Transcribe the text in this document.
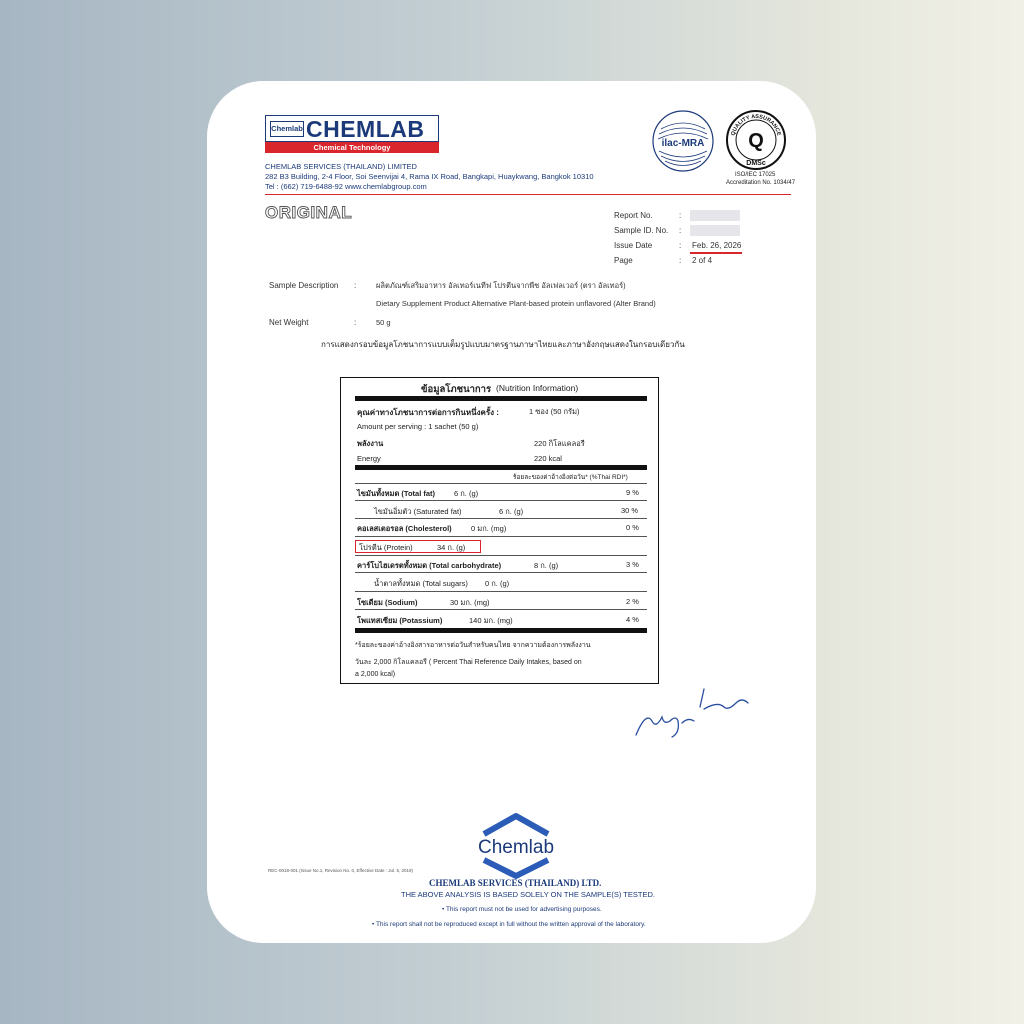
Chemlab CHEMLAB
Chemical Technology
CHEMLAB SERVICES (THAILAND) LIMITED
282 B3 Building, 2-4 Floor, Soi Seenvijai 4, Rama IX Road, Bangkapi, Huaykwang, Bangkok 10310
Tel : (662) 719-6488-92 www.chemlabgroup.com
ilac-MRA
QUALITY ASSURANCE
Q
DMSc
ISO/IEC 17025
Accreditation No. 1034/47
ORIGINAL	Report No.	:
Sample ID. No. :
Issue Date	: Feb. 26, 2026
Page	: 2 of 4
Sample Description :	ผลิตภัณฑ์เสริมอาหาร อัลเทอร์เนทีฟ โปรตีนจากพืช อัลเฟลเวอร์ (ตรา อัลเทอร์)
Dietary Supplement Product Alternative Plant-based protein unflavored (Alter Brand)
Net Weight	:	50 g
การแสดงกรอบข้อมูลโภชนาการแบบเต็มรูปแบบมาตรฐานภาษาไทยและภาษาอังกฤษแสดงในกรอบเดียวกัน
ข้อมูลโภชนาการ (Nutrition Information)
คุณค่าทางโภชนาการต่อการกินหนึ่งครั้ง :	1 ซอง (50 กรัม)
Amount per serving : 1 sachet (50 g)
พลังงาน	220 กิโลแคลอรี
Energy	220 kcal
ร้อยละของค่าอ้างอิงต่อวัน* (%Thai RDI*)
ไขมันทั้งหมด (Total fat)	6 ก. (g)	9 %
ไขมันอิ่มตัว (Saturated fat)	6 ก. (g)	30 %
คอเลสเตอรอล (Cholesterol)	0 มก. (mg)	0 %
โปรตีน (Protein)	34 ก. (g)
คาร์โบไฮเดรตทั้งหมด (Total carbohydrate)	8 ก. (g)	3 %
น้ำตาลทั้งหมด (Total sugars) 0 ก. (g)
โซเดียม (Sodium)	30 มก. (mg)	2 %
โพแทสเซียม (Potassium)	140 มก. (mg)	4 %
*ร้อยละของค่าอ้างอิงสารอาหารต่อวันสำหรับคนไทย จากความต้องการพลังงาน
วันละ 2,000 กิโลแคลอรี ( Percent Thai Reference Daily Intakes, based on
a 2,000 kcal)
Chemlab
REC-0018-001 (Issue No.1, Revision No. 0, Effective Date : Jul. 5, 2019)
CHEMLAB SERVICES (THAILAND) LTD.
THE ABOVE ANALYSIS IS BASED SOLELY ON THE SAMPLE(S) TESTED.
• This report must not be used for advertising purposes.
• This report shall not be reproduced except in full without the written approval of the laboratory.
